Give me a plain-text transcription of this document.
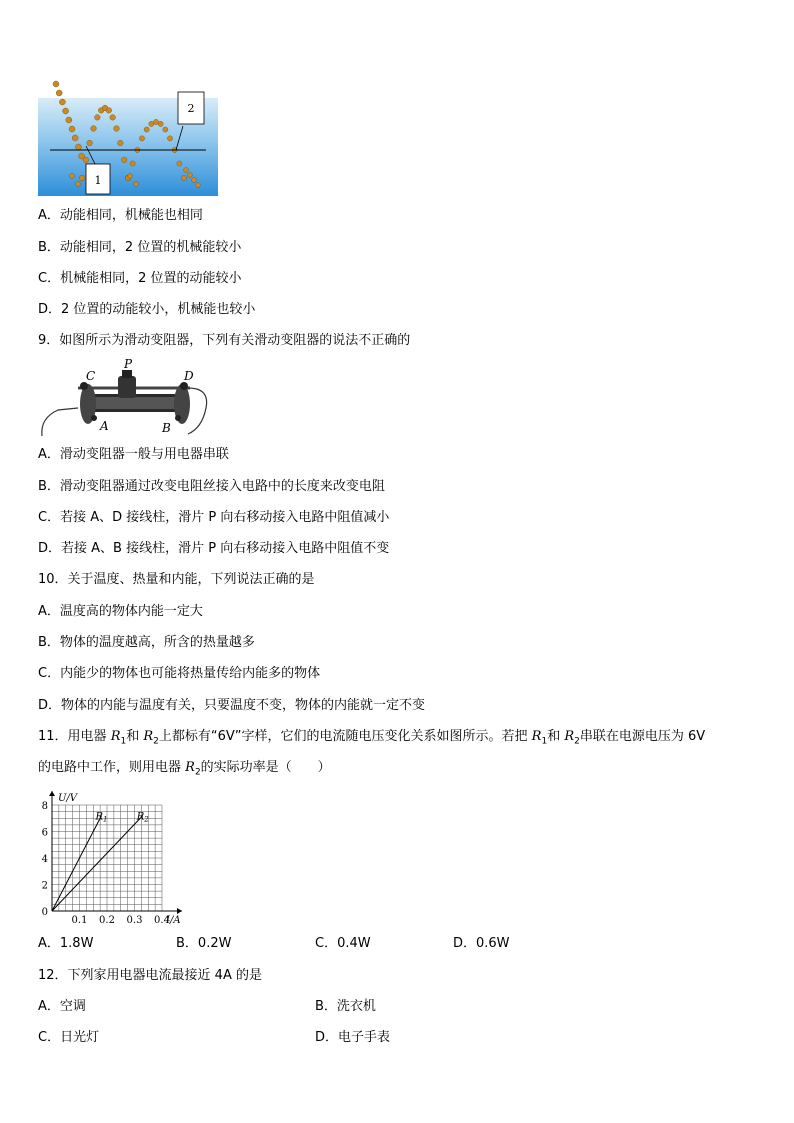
1
2
A．动能相同，机械能也相同
B．动能相同，2 位置的机械能较小
C．机械能相同，2 位置的动能较小
D．2 位置的动能较小，机械能也较小
9．如图所示为滑动变阻器，下列有关滑动变阻器的说法不正确的
C
P
D
A	B
A．滑动变阻器一般与用电器串联
B．滑动变阻器通过改变电阻丝接入电路中的长度来改变电阻
C．若接 A、D 接线柱，滑片 P 向右移动接入电路中阻值减小
D．若接 A、B 接线柱，滑片 P 向右移动接入电路中阻值不变
10．关于温度、热量和内能，下列说法正确的是
A．温度高的物体内能一定大
B．物体的温度越高，所含的热量越多
C．内能少的物体也可能将热量传给内能多的物体
D．物体的内能与温度有关，只要温度不变，物体的内能就一定不变
11．用电器 $R_1$和 $R_2$上都标有“6V”字样，它们的电流随电压变化关系如图所示。若把 $R_1$和 $R_2$串联在电源电压为 6V
的电路中工作，则用电器 $R_2$的实际功率是（　　）
0
2
4
6
8
0.1 0.2 0.3 0.4
U/V
I/A
$R_1$	$R_2$
A．1.8W	B．0.2W	C．0.4W	D．0.6W
12．下列家用电器电流最接近 4A 的是
A．空调	B．洗衣机
C．日光灯	D．电子手表
